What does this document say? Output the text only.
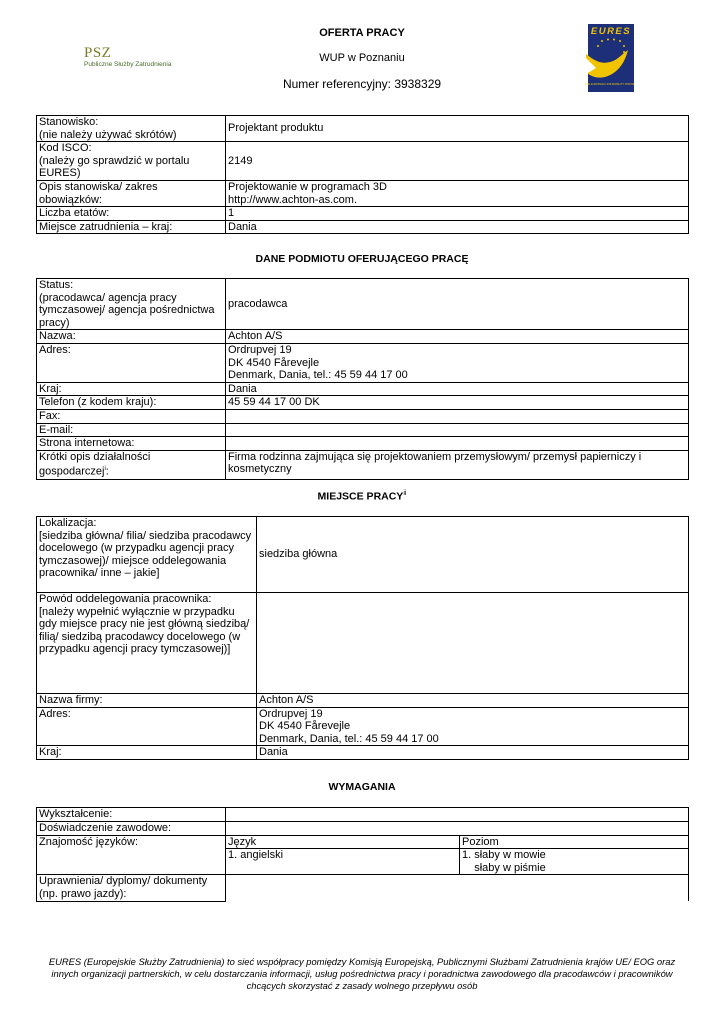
PSZ
Publiczne Służby Zatrudnienia
OFERTA PRACY
WUP w Poznaniu
Numer referencyjny: 3938329
EURES
THE EUROPEAN JOB MOBILITY PORTAL
Stanowisko:
(nie należy używać skrótów)	Projektant produktu
Kod ISCO:
(należy go sprawdzić w portalu EURES)	2149
Opis stanowiska/ zakres obowiązków:	Projektowanie w programach 3D
http://www.achton-as.com.
Liczba etatów:	1
Miejsce zatrudnienia – kraj:	Dania
DANE PODMIOTU OFERUJĄCEGO PRACĘ
Status:
(pracodawca/ agencja pracy tymczasowej/ agencja pośrednictwa pracy)	pracodawca
Nazwa:	Achton A/S
Adres:	Ordrupvej 19
DK 4540 Fårevejle
Denmark, Dania, tel.: 45 59 44 17 00
Kraj:	Dania
Telefon (z kodem kraju):	45 59 44 17 00 DK
Fax:	
E-mail:	
Strona internetowa:	
Krótki opis działalności gospodarczej$^i$:	Firma rodzinna zajmująca się projektowaniem przemysłowym/ przemysł papierniczy i kosmetyczny
MIEJSCE PRACY$^{ii}$
Lokalizacja:
[siedziba główna/ filia/ siedziba pracodawcy docelowego (w przypadku agencji pracy tymczasowej)/ miejsce oddelegowania pracownika/ inne – jakie]	siedziba główna
Powód oddelegowania pracownika:
[należy wypełnić wyłącznie w przypadku gdy miejsce pracy nie jest główną siedzibą/ filią/ siedzibą pracodawcy docelowego (w przypadku agencji pracy tymczasowej)]	
Nazwa firmy:	Achton A/S
Adres:	Ordrupvej 19
DK 4540 Fårevejle
Denmark, Dania, tel.: 45 59 44 17 00
Kraj:	Dania
WYMAGANIA
Wykształcenie:		
Doświadczenie zawodowe:		
Znajomość języków:	Język	Poziom
	1. angielski	1. słaby w mowie
słaby w piśmie
Uprawnienia/ dyplomy/ dokumenty
(np. prawo jazdy):		
EURES (Europejskie Służby Zatrudnienia) to sieć współpracy pomiędzy Komisją Europejską, Publicznymi Służbami Zatrudnienia krajów UE/ EOG oraz innych organizacji partnerskich, w celu dostarczania informacji, usług pośrednictwa pracy i poradnictwa zawodowego dla pracodawców i pracowników chcących skorzystać z zasady wolnego przepływu osób
